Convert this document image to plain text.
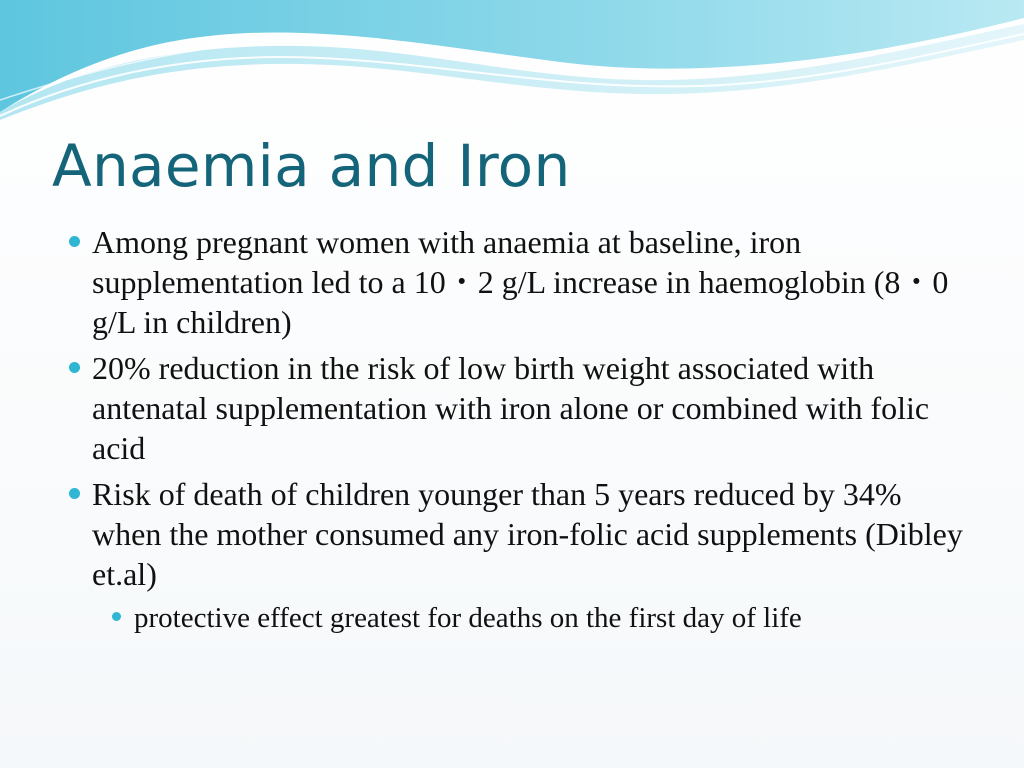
Anaemia and Iron
Among pregnant women with anaemia at baseline, iron supplementation led to a 10・2 g/L increase in haemoglobin (8・0 g/L in children)
20% reduction in the risk of low birth weight associated with antenatal supplementation with iron alone or combined with folic acid
Risk of death of children younger than 5 years reduced by 34% when the mother consumed any iron-folic acid supplements (Dibley et.al)
protective effect greatest for deaths on the first day of life
